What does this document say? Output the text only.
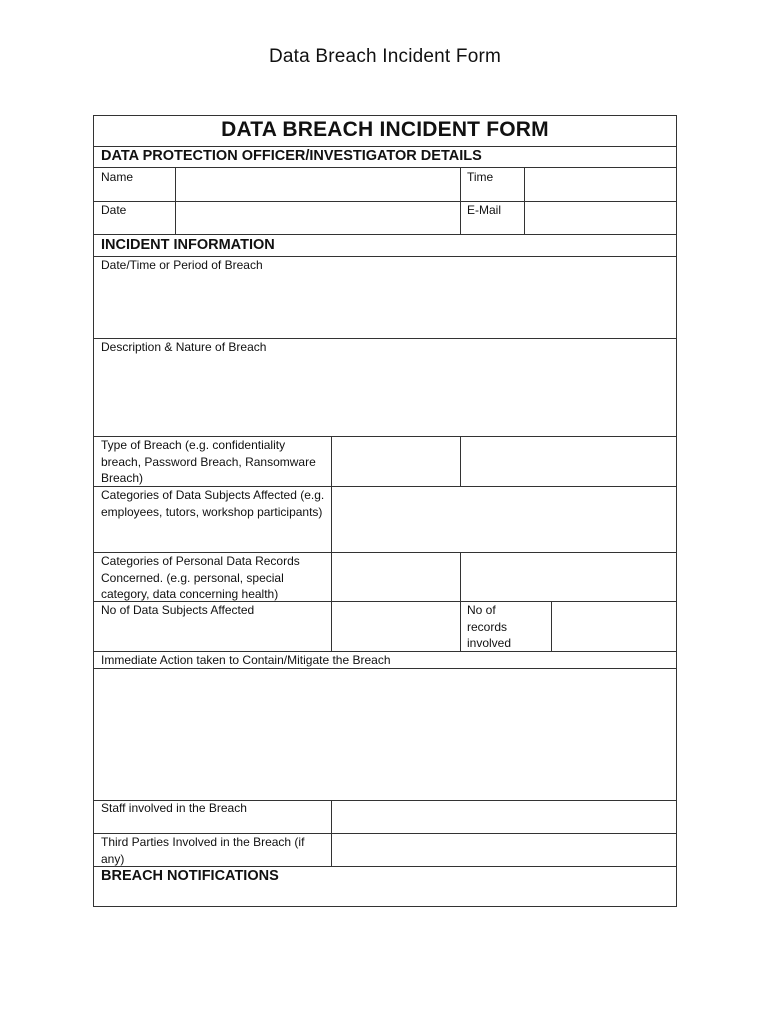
Data Breach Incident Form
DATA BREACH INCIDENT FORM
DATA PROTECTION OFFICER/INVESTIGATOR DETAILS
Name	Time
Date	E-Mail
INCIDENT INFORMATION
Date/Time or Period of Breach
Description & Nature of Breach
Type of Breach (e.g. confidentiality breach, Password Breach, Ransomware Breach)
Categories of Data Subjects Affected (e.g. employees, tutors, workshop participants)
Categories of Personal Data Records Concerned. (e.g. personal, special category, data concerning health)
No of Data Subjects Affected	No of records involved
Immediate Action taken to Contain/Mitigate the Breach
Staff involved in the Breach
Third Parties Involved in the Breach (if any)
BREACH NOTIFICATIONS
